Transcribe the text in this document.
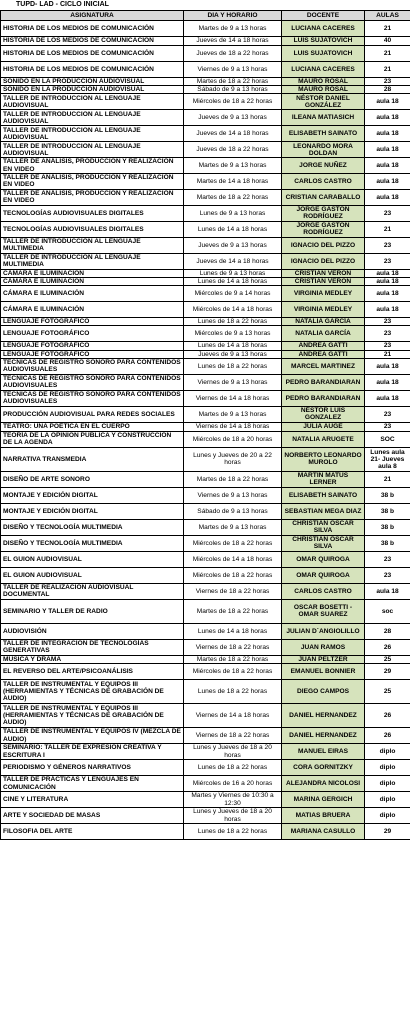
TUPD- LAD - CICLO INICIAL
ASIGNATURA	DIA Y HORARIO	DOCENTE	AULAS
HISTORIA DE LOS MEDIOS DE COMUNICACIÓN	Martes de 9 a 13 horas	LUCIANA CACERES	21
HISTORIA DE LOS MEDIOS DE COMUNICACIÓN	Jueves de 14 a 18 horas	LUIS SUJATOVICH	40
HISTORIA DE LOS MEDIOS DE COMUNICACIÓN	Jueves de 18 a 22 horas	LUIS SUJATOVICH	21
HISTORIA DE LOS MEDIOS DE COMUNICACIÓN	Viernes de 9 a 13 horas	LUCIANA CACERES	21
SONIDO EN LA PRODUCCIÓN AUDIOVISUAL	Martes de 18 a 22 horas	MAURO ROSAL	23
SONIDO EN LA PRODUCCIÓN AUDIOVISUAL	Sábado de 9 a 13 horas	MAURO ROSAL	28
TALLER DE INTRODUCCION AL LENGUAJE AUDIOVISUAL	Miércoles de 18 a 22 horas	NÉSTOR DANIEL GONZÁLEZ	aula 18
TALLER DE INTRODUCCION AL LENGUAJE AUDIOVISUAL	Jueves de 9 a 13 horas	ILEANA MATIASICH	aula 18
TALLER DE INTRODUCCION AL LENGUAJE AUDIOVISUAL	Jueves de 14 a 18 horas	ELISABETH SAINATO	aula 18
TALLER DE INTRODUCCION AL LENGUAJE AUDIOVISUAL	Jueves de 18 a 22 horas	LEONARDO MORA DOLDAN	aula 18
TALLER DE ANÁLISIS, PRODUCCIÓN Y REALIZACIÓN EN VIDEO	Martes de 9 a 13 horas	JORGE NUÑEZ	aula 18
TALLER DE ANÁLISIS, PRODUCCIÓN Y REALIZACIÓN EN VIDEO	Martes de 14 a 18 horas	CARLOS CASTRO	aula 18
TALLER DE ANÁLISIS, PRODUCCIÓN Y REALIZACIÓN EN VIDEO	Martes de 18 a 22 horas	CRISTIAN CARABALLO	aula 18
TECNOLOGÍAS AUDIOVISUALES DIGITALES	Lunes de 9 a 13 horas	JORGE GASTÓN RODRÍGUEZ	23
TECNOLOGÍAS AUDIOVISUALES DIGITALES	Lunes de 14 a 18 horas	JORGE GASTÓN RODRÍGUEZ	21
TALLER DE INTRODUCCIÓN AL LENGUAJE MULTIMEDIA	Jueves de 9 a 13 horas	IGNACIO DEL PIZZO	23
TALLER DE INTRODUCCIÓN AL LENGUAJE MULTIMEDIA	Jueves de 14 a 18 horas	IGNACIO DEL PIZZO	23
CÁMARA E ILUMINACIÓN	Lunes de 9 a 13 horas	CRISTIAN VERÓN	aula 18
CÁMARA E ILUMINACIÓN	Lunes de 14 a 18 horas	CRISTIAN VERÓN	aula 18
CÁMARA E ILUMINACIÓN	Miércoles de 9 a 14 horas	VIRGINIA MEDLEY	aula 18
CÁMARA E ILUMINACIÓN	Miércoles de 14 a 18 horas	VIRGINIA MEDLEY	aula 18
LENGUAJE FOTOGRÁFICO	Lunes de 18 a 22 horas	NATALIA GARCÍA	23
LENGUAJE FOTOGRÁFICO	Miércoles de 9 a 13 horas	NATALIA GARCÍA	23
LENGUAJE FOTOGRÁFICO	Lunes de 14 a 18 horas	ANDREA GATTI	23
LENGUAJE FOTOGRÁFICO	Jueves de 9 a 13 horas	ANDREA GATTI	21
TECNICAS DE REGISTRO SONORO PARA CONTENIDOS AUDIOVISUALES	Lunes de 18 a 22 horas	MARCEL MARTINEZ	aula 18
TECNICAS DE REGISTRO SONORO PARA CONTENIDOS AUDIOVISUALES	Viernes de 9 a 13 horas	PEDRO BARANDIARAN	aula 18
TECNICAS DE REGISTRO SONORO PARA CONTENIDOS AUDIOVISUALES	Viernes de 14 a 18 horas	PEDRO BARANDIARAN	aula 18
PRODUCCIÓN AUDIOVISUAL PARA REDES SOCIALES	Martes de 9 a 13 horas	NÉSTOR LUIS GONZALEZ	23
TEATRO: UNA POÉTICA EN EL CUERPO	Viernes de 14 a 18 horas	JULIA AUGE	23
TEORÍA DE LA OPINIÓN PÚBLICA Y CONSTRUCCIÓN DE LA AGENDA	Miércoles de 18 a 20 horas	NATALIA ARUGETE	SOC
NARRATIVA TRANSMEDIA	Lunes y Jueves de 20 a 22 horas	NORBERTO LEONARDO MUROLO	Lunes aula 21- Jueves aula 8
DISEÑO DE ARTE SONORO	Martes de 18 a 22 horas	MARTIN MATUS LERNER	21
MONTAJE Y EDICIÓN DIGITAL	Viernes de 9 a 13 horas	ELISABETH SAINATO	38 b
MONTAJE Y EDICIÓN DIGITAL	Sábado de 9 a 13 horas	SEBASTIAN MEGA DIAZ	38 b
DISEÑO Y TECNOLOGÍA MULTIMEDIA	Martes de 9 a 13 horas	CHRISTIAN OSCAR SILVA	38 b
DISEÑO Y TECNOLOGÍA MULTIMEDIA	Miércoles de 18 a 22 horas	CHRISTIAN OSCAR SILVA	38 b
EL GUION AUDIOVISUAL	Miércoles de 14 a 18 horas	OMAR QUIROGA	23
EL GUION AUDIOVISUAL	Miércoles de 18 a 22 horas	OMAR QUIROGA	23
TALLER DE REALIZACION AUDIOVISUAL DOCUMENTAL	Viernes de 18 a 22 horas	CARLOS CASTRO	aula 18
SEMINARIO Y TALLER DE RADIO	Martes de 18 a 22 horas	OSCAR BOSETTI - OMAR SUAREZ	soc
AUDIOVISIÓN	Lunes de 14 a 18 horas	JULIAN D´ANGIOLILLO	28
TALLER DE INTEGRACIÓN DE TECNOLOGÍAS GENERATIVAS	Viernes de 18 a 22 horas	JUAN RAMOS	26
MÚSICA Y DRAMA	Martes de 18 a 22 horas	JUAN PELTZER	25
EL REVERSO DEL ARTE/PSICOANÁLISIS	Miércoles de 18 a 22 horas	EMANUEL BONNIER	29
TALLER DE INSTRUMENTAL Y EQUIPOS III (HERRAMIENTAS Y TÉCNICAS DE GRABACIÓN DE AUDIO)	Lunes de 18 a 22 horas	DIEGO CAMPOS	25
TALLER DE INSTRUMENTAL Y EQUIPOS III (HERRAMIENTAS Y TÉCNICAS DE GRABACIÓN DE AUDIO)	Viernes de 14 a 18 horas	DANIEL HERNANDEZ	26
TALLER DE INSTRUMENTAL Y EQUIPOS IV (MEZCLA DE AUDIO)	Viernes de 18 a 22 horas	DANIEL HERNANDEZ	26
SEMINARIO: TALLER DE EXPRESIÓN CREATIVA Y ESCRITURA I	Lunes y Jueves de 18 a 20 horas	MANUEL EIRAS	diplo
PERIODISMO Y GÉNEROS NARRATIVOS	Lunes de 18 a 22 horas	CORA GORNITZKY	diplo
TALLER DE PRÁCTICAS Y LENGUAJES EN COMUNICACIÓN	Miércoles de 16 a 20 horas	ALEJANDRA NICOLOSI	diplo
CINE Y LITERATURA	Martes y Viernes de 10:30 a 12:30	MARINA GERGICH	diplo
ARTE Y SOCIEDAD DE MASAS	Lunes y Jueves de 18 a 20 horas	MATIAS BRUERA	diplo
FILOSOFIA DEL ARTE	Lunes de 18 a 22 horas	MARIANA CASULLO	29
